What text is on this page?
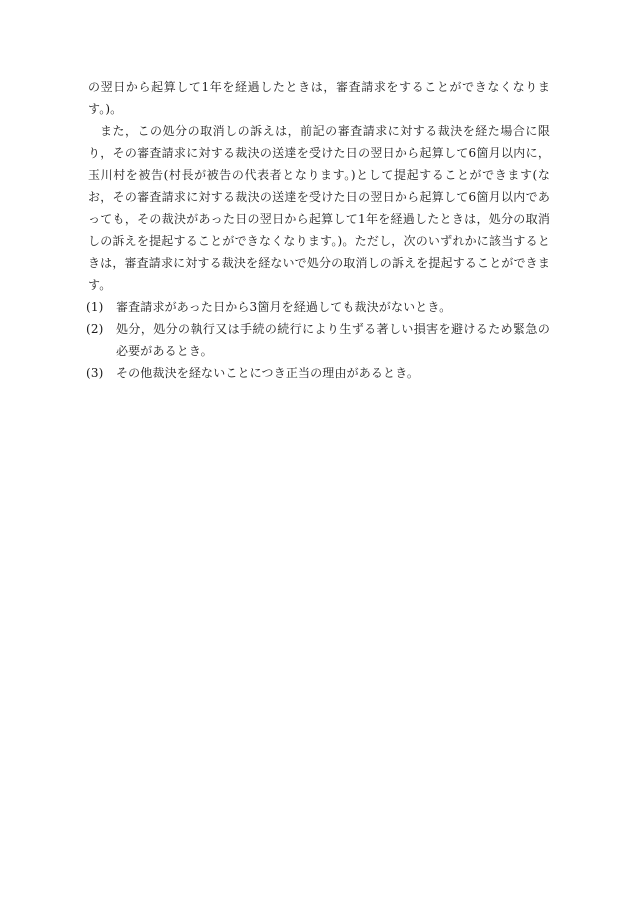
の翌日から起算して1年を経過したときは，審査請求をすることができなくなります。)。

また，この処分の取消しの訴えは，前記の審査請求に対する裁決を経た場合に限り，その審査請求に対する裁決の送達を受けた日の翌日から起算して6箇月以内に，玉川村を被告(村長が被告の代表者となります。)として提起することができます(なお，その審査請求に対する裁決の送達を受けた日の翌日から起算して6箇月以内であっても，その裁決があった日の翌日から起算して1年を経過したときは，処分の取消しの訴えを提起することができなくなります。)。ただし，次のいずれかに該当するときは，審査請求に対する裁決を経ないで処分の取消しの訴えを提起することができます。

(1)	審査請求があった日から3箇月を経過しても裁決がないとき。
(2)	処分，処分の執行又は手続の続行により生ずる著しい損害を避けるため緊急の必要があるとき。
(3)	その他裁決を経ないことにつき正当の理由があるとき。
